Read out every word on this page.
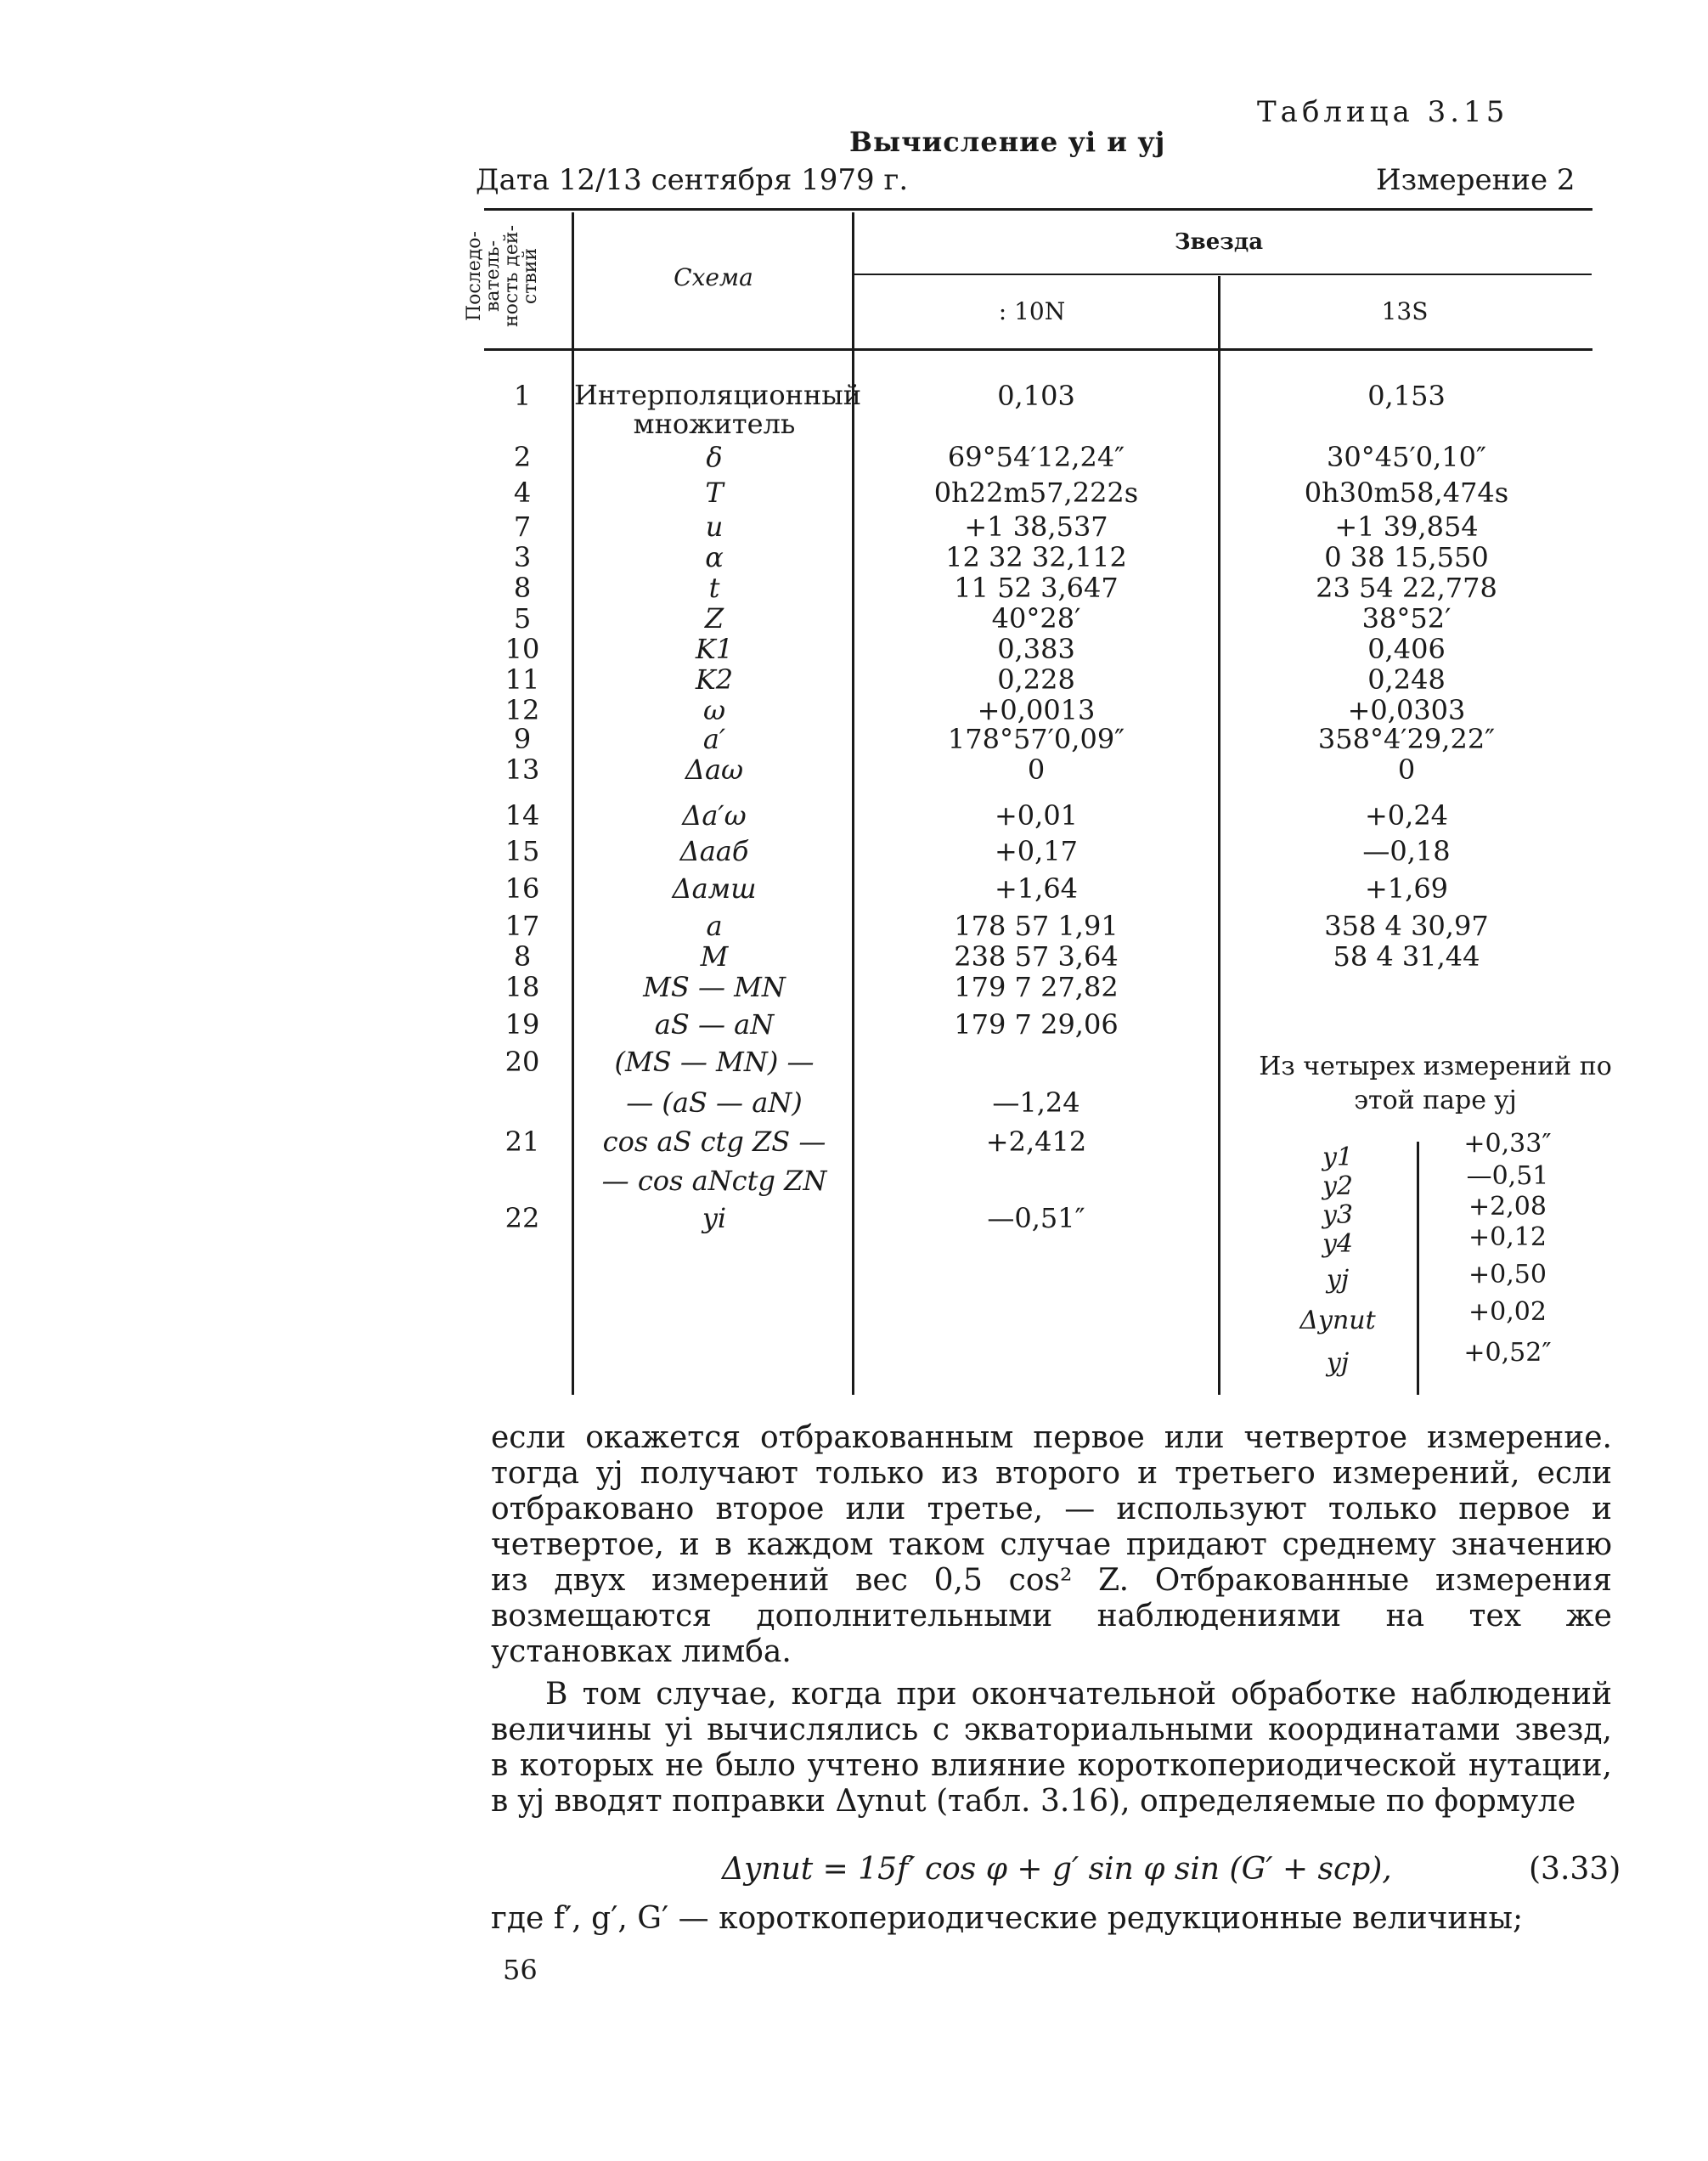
Таблица 3.15
Вычисление yi и yj
Дата 12/13 сентября 1979 г.	Измерение 2
Последо- ватель- ность дей- ствий	Схема
Звезда
: 10N	13S
1	Интерполяционный множитель
0,103	0,153
2	δ	69°54′12,24″	30°45′0,10″
4	T	0h22m57,222s	0h30m58,474s
7	u	+1 38,537	+1 39,854
3	α	12 32 32,112	0 38 15,550
8	t	11 52 3,647	23 54 22,778
5	Z	40°28′	38°52′
10	K1	0,383	0,406
11	K2	0,228	0,248
12	ω	+0,0013	+0,0303
9	a′	178°57′0,09″	358°4′29,22″
13	Δaω	0	0
14	Δa′ω	+0,01	+0,24
15	Δaаб	+0,17	—0,18
16	Δaмш	+1,64	+1,69
17	a	178 57 1,91	358 4 30,97
8	M	238 57 3,64	58 4 31,44
18	MS — MN	179 7 27,82
19	aS — aN	179 7 29,06
20	(MS — MN) —
— (aS — aN)	—1,24
21	cos aS ctg ZS —	+2,412
— cos aNctg ZN
22	yi	—0,51″
Из четырех измерений по этой паре yj
y1	+0,33″
y2	—0,51
y3	+2,08
y4	+0,12
yj	+0,50
Δynut	+0,02
yj	+0,52″

если окажется отбракованным первое или четвертое измерение. тогда yj получают только из второго и третьего измерений, если отбраковано второе или третье, — используют только первое и четвертое, и в каждом таком случае придают среднему значению из двух измерений вес 0,5 cos² Z. Отбракованные измерения возмещаются дополнительными наблюдениями на тех же установках лимба.

В том случае, когда при окончательной обработке наблюдений величины yi вычислялись с экваториальными координатами звезд, в которых не было учтено влияние короткопериодической нутации, в yj вводят поправки Δynut (табл. 3.16), определяемые по формуле

Δynut = 15f′ cos φ + g′ sin φ sin (G′ + sср),	(3.33)
где f′, g′, G′ — короткопериодические редукционные величины;
56
